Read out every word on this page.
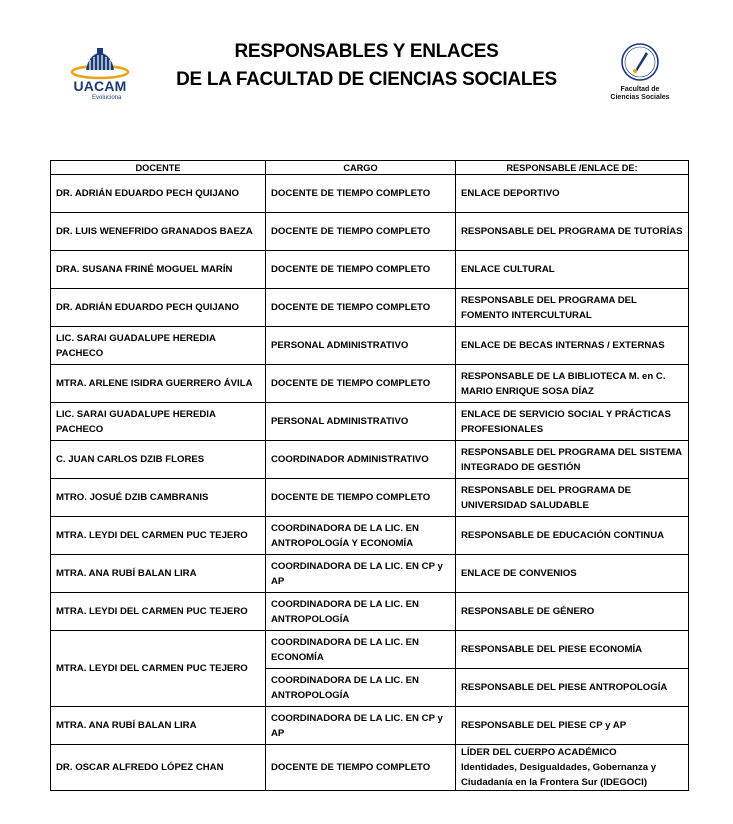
UACAM
Evoluciona
RESPONSABLES Y ENLACES
DE LA FACULTAD DE CIENCIAS SOCIALES	Facultad de
Ciencias Sociales
DOCENTE	CARGO	RESPONSABLE /ENLACE DE:
DR. ADRIÁN EDUARDO PECH QUIJANO	DOCENTE DE TIEMPO COMPLETO	ENLACE DEPORTIVO
DR. LUIS WENEFRIDO GRANADOS BAEZA	DOCENTE DE TIEMPO COMPLETO	RESPONSABLE DEL PROGRAMA DE TUTORÍAS
DRA. SUSANA FRINÉ MOGUEL MARÍN	DOCENTE DE TIEMPO COMPLETO	ENLACE CULTURAL
DR. ADRIÁN EDUARDO PECH QUIJANO	DOCENTE DE TIEMPO COMPLETO	RESPONSABLE DEL PROGRAMA DEL FOMENTO INTERCULTURAL
LIC. SARAI GUADALUPE HEREDIA PACHECO	PERSONAL ADMINISTRATIVO	ENLACE DE BECAS INTERNAS / EXTERNAS
MTRA. ARLENE ISIDRA GUERRERO ÁVILA	DOCENTE DE TIEMPO COMPLETO	RESPONSABLE DE LA BIBLIOTECA M. en C. MARIO ENRIQUE SOSA DÍAZ
LIC. SARAI GUADALUPE HEREDIA PACHECO	PERSONAL ADMINISTRATIVO	ENLACE DE SERVICIO SOCIAL Y PRÁCTICAS PROFESIONALES
C. JUAN CARLOS DZIB FLORES	COORDINADOR ADMINISTRATIVO	RESPONSABLE DEL PROGRAMA DEL SISTEMA INTEGRADO DE GESTIÓN
MTRO. JOSUÉ DZIB CAMBRANIS	DOCENTE DE TIEMPO COMPLETO	RESPONSABLE DEL PROGRAMA DE UNIVERSIDAD SALUDABLE
MTRA. LEYDI DEL CARMEN PUC TEJERO	COORDINADORA DE LA LIC. EN ANTROPOLOGÍA Y ECONOMÍA	RESPONSABLE DE EDUCACIÓN CONTINUA
MTRA. ANA RUBÍ BALAN LIRA	COORDINADORA DE LA LIC. EN CP y AP	ENLACE DE CONVENIOS
MTRA. LEYDI DEL CARMEN PUC TEJERO	COORDINADORA DE LA LIC. EN ANTROPOLOGÍA	RESPONSABLE DE GÉNERO
MTRA. LEYDI DEL CARMEN PUC TEJERO	COORDINADORA DE LA LIC. EN ECONOMÍA	RESPONSABLE DEL PIESE ECONOMÍA
	COORDINADORA DE LA LIC. EN ANTROPOLOGÍA	RESPONSABLE DEL PIESE ANTROPOLOGÍA
MTRA. ANA RUBÍ BALAN LIRA	COORDINADORA DE LA LIC. EN CP y AP	RESPONSABLE DEL PIESE CP y AP
DR. OSCAR ALFREDO LÓPEZ CHAN	DOCENTE DE TIEMPO COMPLETO	LÍDER DEL CUERPO ACADÉMICO
Identidades, Desigualdades, Gobernanza y Ciudadanía en la Frontera Sur (IDEGOCI)
